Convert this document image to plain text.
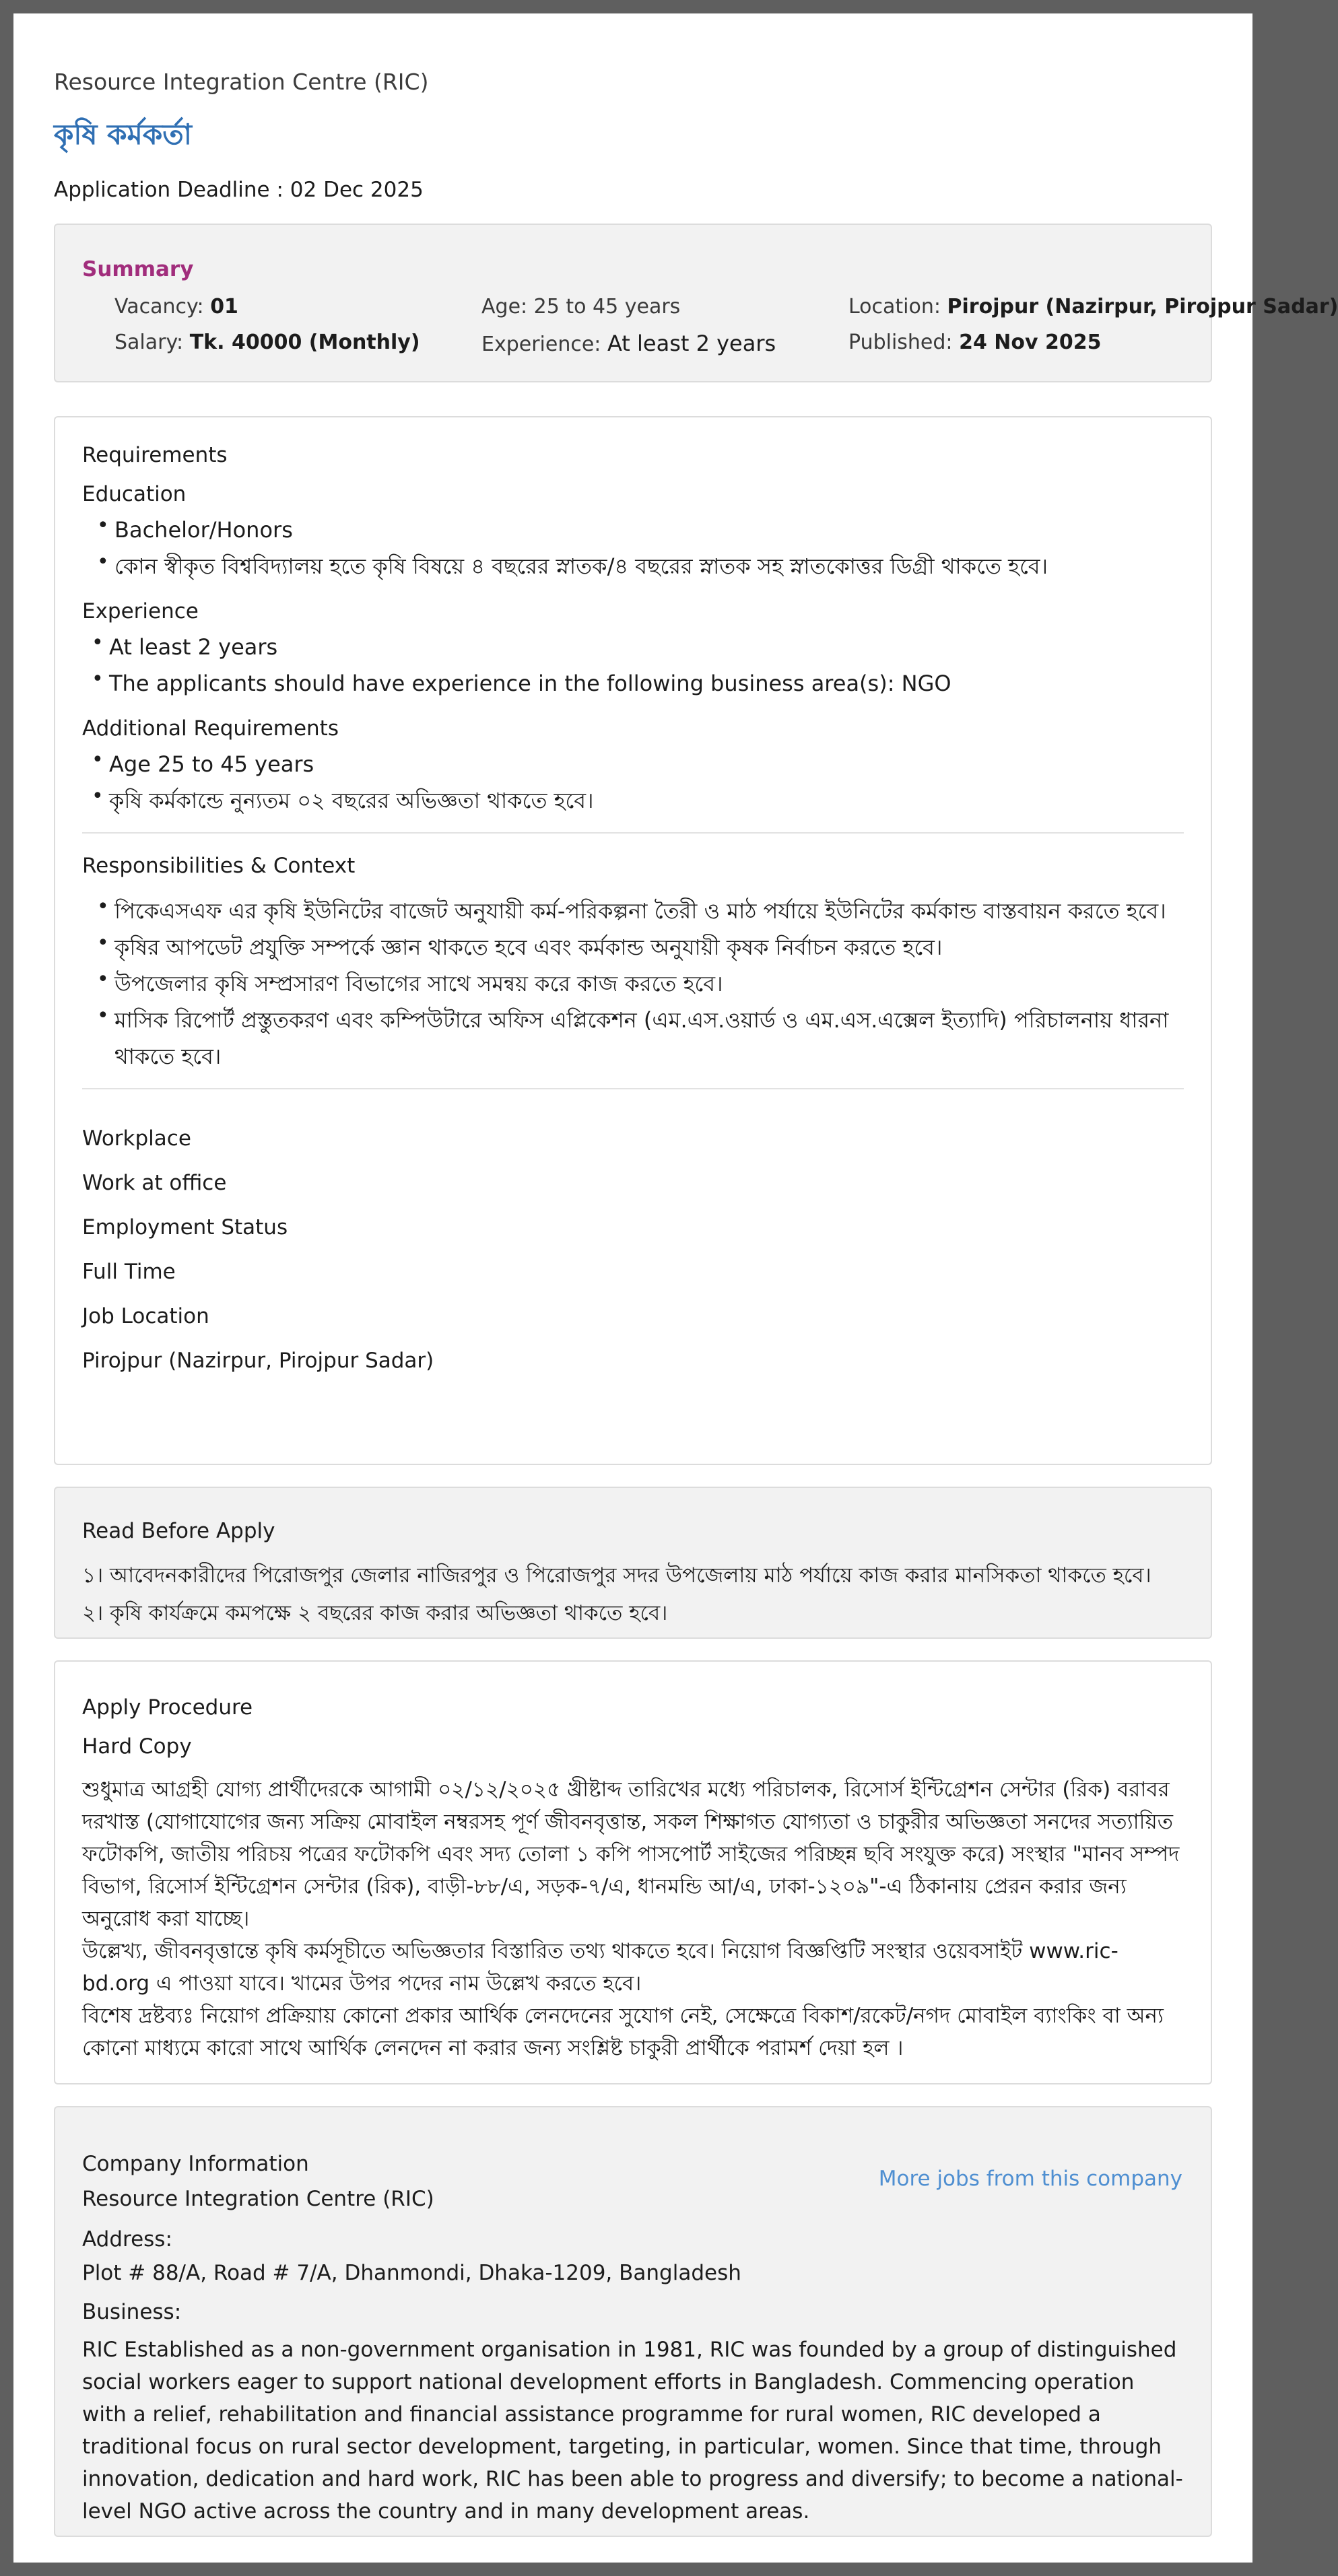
Resource Integration Centre (RIC)
কৃষি কর্মকর্তা
Application Deadline : 02 Dec 2025
Summary
Vacancy: 01	Age: 25 to 45 years	Location: Pirojpur (Nazirpur, Pirojpur Sadar)
Salary: Tk. 40000 (Monthly)	Experience: At least 2 years	Published: 24 Nov 2025
Requirements
Education
• Bachelor/Honors
• কোন স্বীকৃত বিশ্ববিদ্যালয় হতে কৃষি বিষয়ে ৪ বছরের স্নাতক/৪ বছরের স্নাতক সহ স্নাতকোত্তর ডিগ্রী থাকতে হবে।
Experience
• At least 2 years
• The applicants should have experience in the following business area(s): NGO
Additional Requirements
• Age 25 to 45 years
• কৃষি কর্মকান্ডে নুন্যতম ০২ বছরের অভিজ্ঞতা থাকতে হবে।
Responsibilities & Context
• পিকেএসএফ এর কৃষি ইউনিটের বাজেট অনুযায়ী কর্ম-পরিকল্পনা তৈরী ও মাঠ পর্যায়ে ইউনিটের কর্মকান্ড বাস্তবায়ন করতে হবে।
• কৃষির আপডেট প্রযুক্তি সম্পর্কে জ্ঞান থাকতে হবে এবং কর্মকান্ড অনুযায়ী কৃষক নির্বাচন করতে হবে।
• উপজেলার কৃষি সম্প্রসারণ বিভাগের সাথে সমন্বয় করে কাজ করতে হবে।
• মাসিক রিপোর্ট প্রস্তুতকরণ এবং কম্পিউটারে অফিস এপ্লিকেশন (এম.এস.ওয়ার্ড ও এম.এস.এক্সেল ইত্যাদি) পরিচালনায় ধারনা থাকতে হবে।
Workplace
Work at office
Employment Status
Full Time
Job Location
Pirojpur (Nazirpur, Pirojpur Sadar)
Read Before Apply
১। আবেদনকারীদের পিরোজপুর জেলার নাজিরপুর ও পিরোজপুর সদর উপজেলায় মাঠ পর্যায়ে কাজ করার মানসিকতা থাকতে হবে।
২। কৃষি কার্যক্রমে কমপক্ষে ২ বছরের কাজ করার অভিজ্ঞতা থাকতে হবে।
Apply Procedure
Hard Copy
শুধুমাত্র আগ্রহী যোগ্য প্রার্থীদেরকে আগামী ০২/১২/২০২৫ খ্রীষ্টাব্দ তারিখের মধ্যে পরিচালক, রিসোর্স ইন্টিগ্রেশন সেন্টার (রিক) বরাবর দরখাস্ত (যোগাযোগের জন্য সক্রিয় মোবাইল নম্বরসহ পূর্ণ জীবনবৃত্তান্ত, সকল শিক্ষাগত যোগ্যতা ও চাকুরীর অভিজ্ঞতা সনদের সত্যায়িত ফটোকপি, জাতীয় পরিচয় পত্রের ফটোকপি এবং সদ্য তোলা ১ কপি পাসপোর্ট সাইজের পরিচ্ছন্ন ছবি সংযুক্ত করে) সংস্থার "মানব সম্পদ বিভাগ, রিসোর্স ইন্টিগ্রেশন সেন্টার (রিক), বাড়ী-৮৮/এ, সড়ক-৭/এ, ধানমন্ডি আ/এ, ঢাকা-১২০৯"-এ ঠিকানায় প্রেরন করার জন্য অনুরোধ করা যাচ্ছে।
উল্লেখ্য, জীবনবৃত্তান্তে কৃষি কর্মসূচীতে অভিজ্ঞতার বিস্তারিত তথ্য থাকতে হবে। নিয়োগ বিজ্ঞপ্তিটি সংস্থার ওয়েবসাইট www.ric-bd.org এ পাওয়া যাবে। খামের উপর পদের নাম উল্লেখ করতে হবে।
বিশেষ দ্রষ্টব্যঃ নিয়োগ প্রক্রিয়ায় কোনো প্রকার আর্থিক লেনদেনের সুযোগ নেই, সেক্ষেত্রে বিকাশ/রকেট/নগদ মোবাইল ব্যাংকিং বা অন্য কোনো মাধ্যমে কারো সাথে আর্থিক লেনদেন না করার জন্য সংশ্লিষ্ট চাকুরী প্রার্থীকে পরামর্শ দেয়া হল ।
Company Information
Resource Integration Centre (RIC)
More jobs from this company
Address:
Plot # 88/A, Road # 7/A, Dhanmondi, Dhaka-1209, Bangladesh
Business:
RIC Established as a non-government organisation in 1981, RIC was founded by a group of distinguished social workers eager to support national development efforts in Bangladesh. Commencing operation with a relief, rehabilitation and financial assistance programme for rural women, RIC developed a traditional focus on rural sector development, targeting, in particular, women. Since that time, through innovation, dedication and hard work, RIC has been able to progress and diversify; to become a national-level NGO active across the country and in many development areas.
